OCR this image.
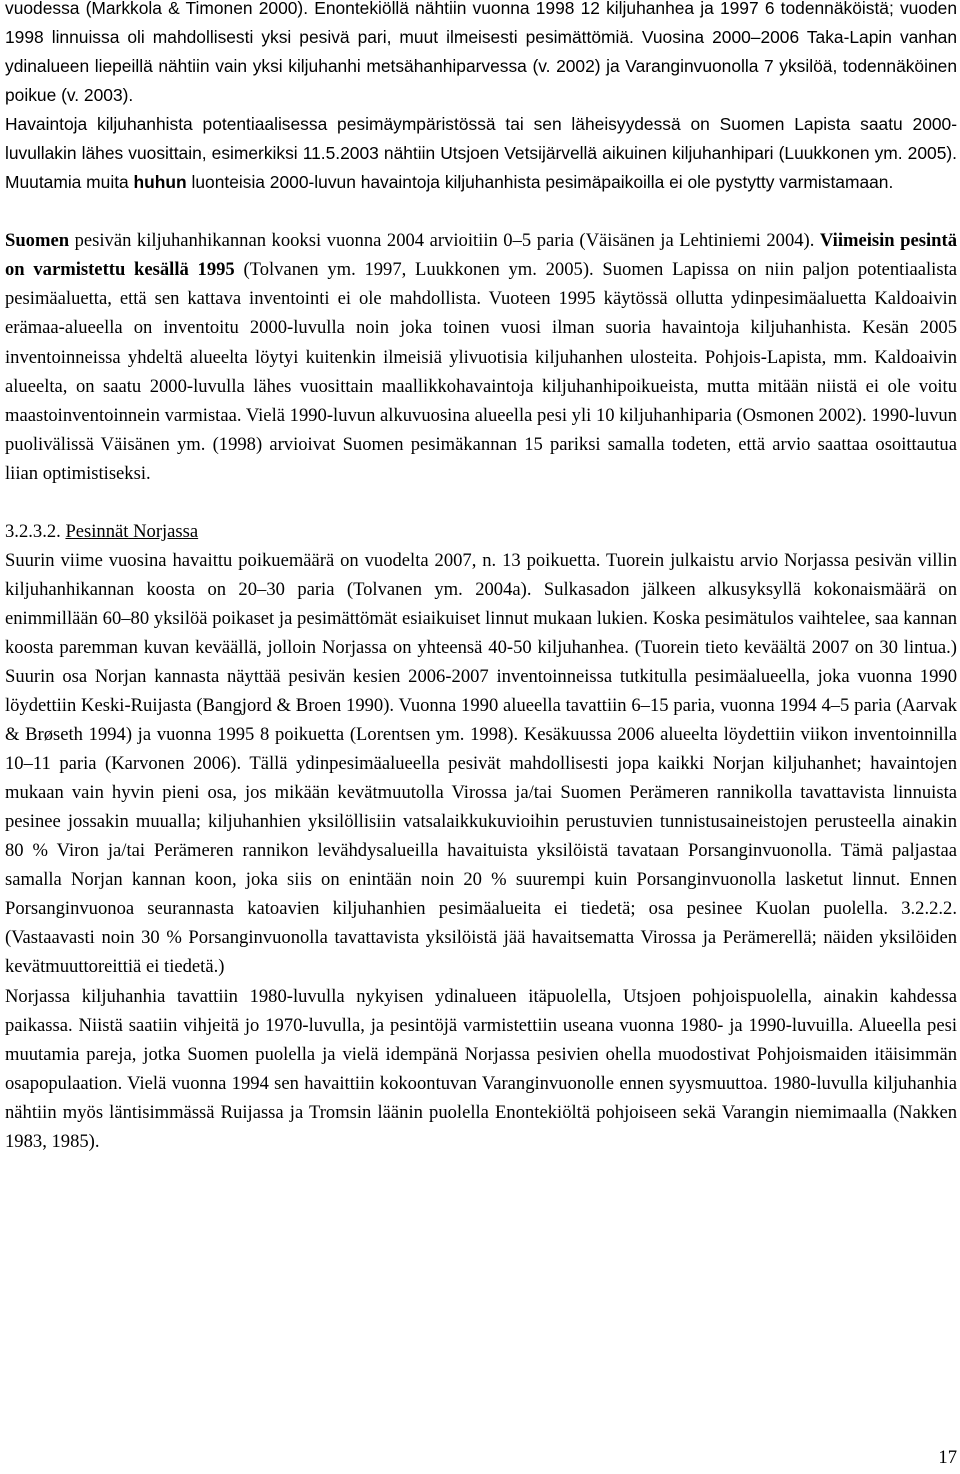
vuodessa (Markkola & Timonen 2000). Enontekiöllä nähtiin vuonna 1998 12 kiljuhanhea ja 1997 6 todennäköistä; vuoden 1998 linnuissa oli mahdollisesti yksi pesivä pari, muut ilmeisesti pesimättömiä. Vuosina 2000–2006 Taka-Lapin vanhan ydinalueen liepeillä nähtiin vain yksi kiljuhanhi metsähanhiparvessa (v. 2002) ja Varanginvuonolla 7 yksilöä, todennäköinen poikue (v. 2003).
Havaintoja kiljuhanhista potentiaalisessa pesimäympäristössä tai sen läheisyydessä on Suomen Lapista saatu 2000-luvullakin lähes vuosittain, esimerkiksi 11.5.2003 nähtiin Utsjoen Vetsijärvellä aikuinen kiljuhanhipari (Luukkonen ym. 2005). Muutamia muita huhun luonteisia 2000-luvun havaintoja kiljuhanhista pesimäpaikoilla ei ole pystytty varmistamaan.

Suomen pesivän kiljuhanhikannan kooksi vuonna 2004 arvioitiin 0–5 paria (Väisänen ja Lehtiniemi 2004). Viimeisin pesintä on varmistettu kesällä 1995 (Tolvanen ym. 1997, Luukkonen ym. 2005). Suomen Lapissa on niin paljon potentiaalista pesimäaluetta, että sen kattava inventointi ei ole mahdollista. Vuoteen 1995 käytössä ollutta ydinpesimäaluetta Kaldoaivin erämaa-alueella on inventoitu 2000-luvulla noin joka toinen vuosi ilman suoria havaintoja kiljuhanhista. Kesän 2005 inventoinneissa yhdeltä alueelta löytyi kuitenkin ilmeisiä ylivuotisia kiljuhanhen ulosteita. Pohjois-Lapista, mm. Kaldoaivin alueelta, on saatu 2000-luvulla lähes vuosittain maallikkohavaintoja kiljuhanhipoikueista, mutta mitään niistä ei ole voitu maastoinventoinnein varmistaa. Vielä 1990-luvun alkuvuosina alueella pesi yli 10 kiljuhanhiparia (Osmonen 2002). 1990-luvun puolivälissä Väisänen ym. (1998) arvioivat Suomen pesimäkannan 15 pariksi samalla todeten, että arvio saattaa osoittautua liian optimistiseksi.

3.2.3.2. Pesinnät Norjassa

Suurin viime vuosina havaittu poikuemäärä on vuodelta 2007, n. 13 poikuetta. Tuorein julkaistu arvio Norjassa pesivän villin kiljuhanhikannan koosta on 20–30 paria (Tolvanen ym. 2004a). Sulkasadon jälkeen alkusyksyllä kokonaismäärä on enimmillään 60–80 yksilöä poikaset ja pesimättömät esiaikuiset linnut mukaan lukien. Koska pesimätulos vaihtelee, saa kannan koosta paremman kuvan keväällä, jolloin Norjassa on yhteensä 40-50 kiljuhanhea. (Tuorein tieto keväältä 2007 on 30 lintua.) Suurin osa Norjan kannasta näyttää pesivän kesien 2006-2007 inventoinneissa tutkitulla pesimäalueella, joka vuonna 1990 löydettiin Keski-Ruijasta (Bangjord & Broen 1990). Vuonna 1990 alueella tavattiin 6–15 paria, vuonna 1994 4–5 paria (Aarvak & Brøseth 1994) ja vuonna 1995 8 poikuetta (Lorentsen ym. 1998). Kesäkuussa 2006 alueelta löydettiin viikon inventoinnilla 10–11 paria (Karvonen 2006). Tällä ydinpesimäalueella pesivät mahdollisesti jopa kaikki Norjan kiljuhanhet; havaintojen mukaan vain hyvin pieni osa, jos mikään kevätmuutolla Virossa ja/tai Suomen Perämeren rannikolla tavattavista linnuista pesinee jossakin muualla; kiljuhanhien yksilöllisiin vatsalaikkukuvioihin perustuvien tunnistusaineistojen perusteella ainakin 80 % Viron ja/tai Perämeren rannikon levähdysalueilla havaituista yksilöistä tavataan Porsanginvuonolla. Tämä paljastaa samalla Norjan kannan koon, joka siis on enintään noin 20 % suurempi kuin Porsanginvuonolla lasketut linnut. Ennen Porsanginvuonoa seurannasta katoavien kiljuhanhien pesimäalueita ei tiedetä; osa pesinee Kuolan puolella. 3.2.2.2. (Vastaavasti noin 30 % Porsanginvuonolla tavattavista yksilöistä jää havaitsematta Virossa ja Perämerellä; näiden yksilöiden kevätmuuttoreittiä ei tiedetä.)

Norjassa kiljuhanhia tavattiin 1980-luvulla nykyisen ydinalueen itäpuolella, Utsjoen pohjoispuolella, ainakin kahdessa paikassa. Niistä saatiin vihjeitä jo 1970-luvulla, ja pesintöjä varmistettiin useana vuonna 1980- ja 1990-luvuilla. Alueella pesi muutamia pareja, jotka Suomen puolella ja vielä idempänä Norjassa pesivien ohella muodostivat Pohjoismaiden itäisimmän osapopulaation. Vielä vuonna 1994 sen havaittiin kokoontuvan Varanginvuonolle ennen syysmuuttoa. 1980-luvulla kiljuhanhia nähtiin myös läntisimmässä Ruijassa ja Tromsin läänin puolella Enontekiöltä pohjoiseen sekä Varangin niemimaalla (Nakken 1983, 1985).

17
